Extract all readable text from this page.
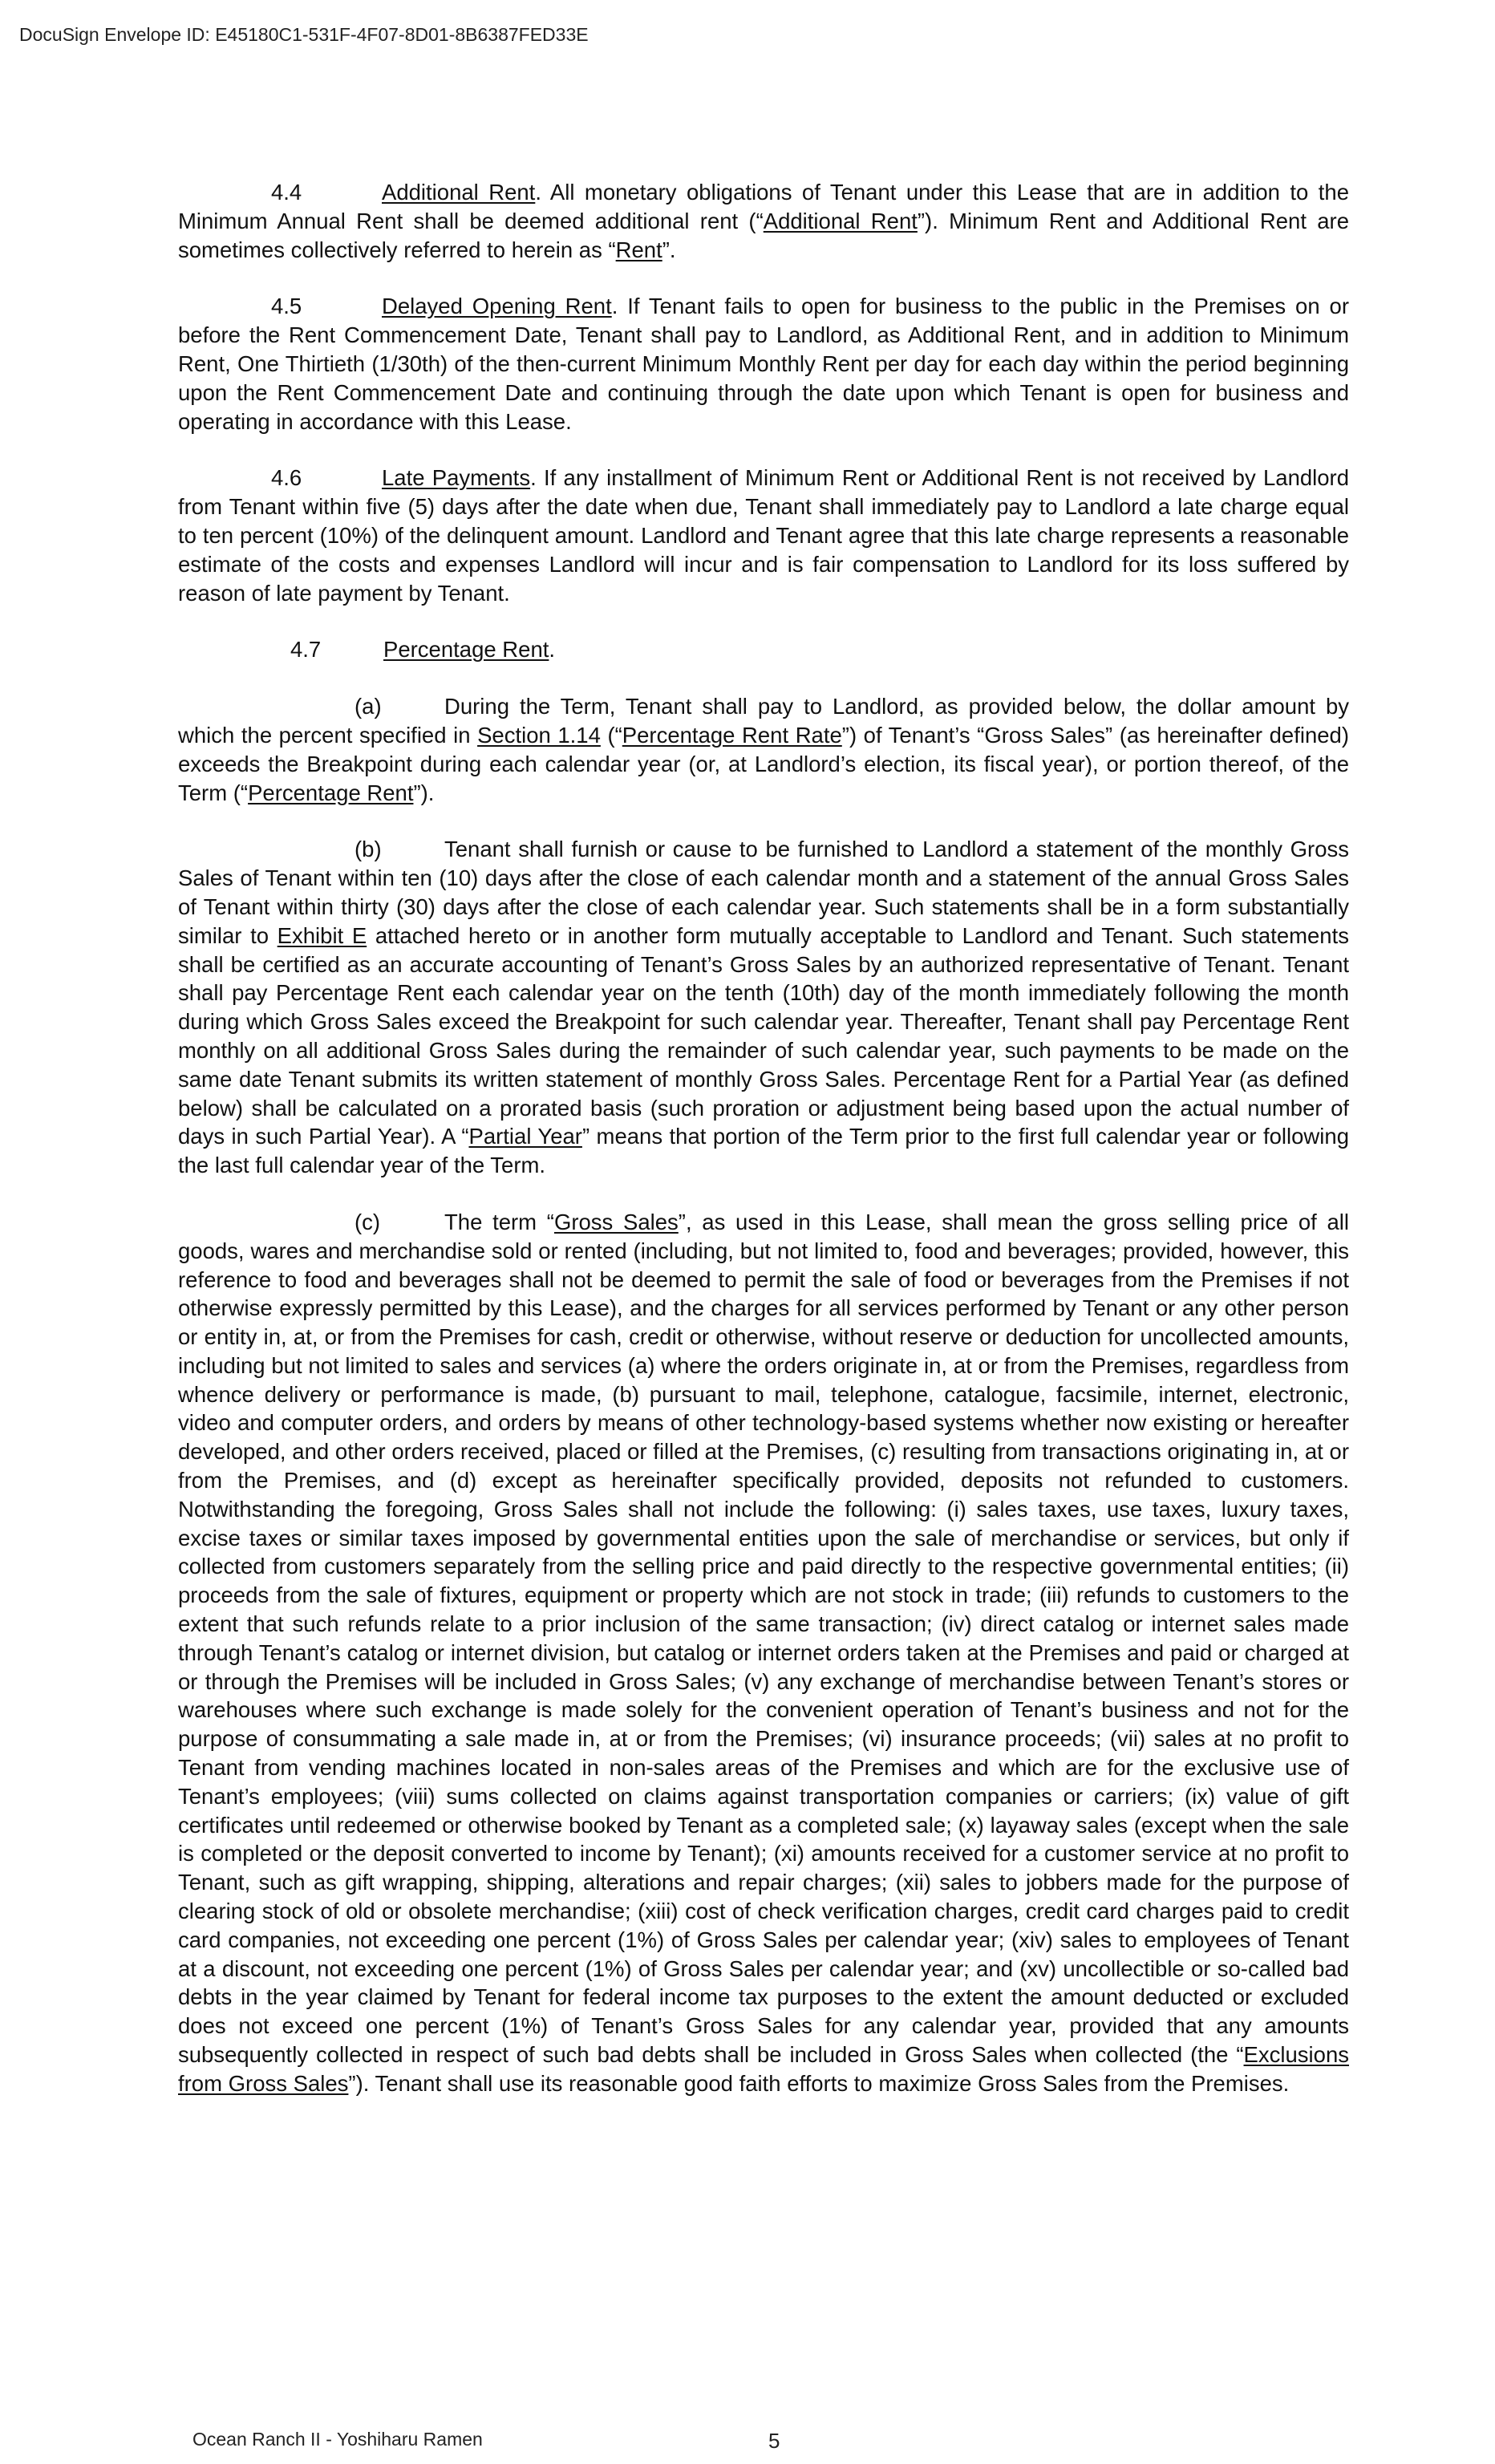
DocuSign Envelope ID: E45180C1-531F-4F07-8D01-8B6387FED33E

4.4	Additional Rent. All monetary obligations of Tenant under this Lease that are in addition to the Minimum Annual Rent shall be deemed additional rent (“Additional Rent”). Minimum Rent and Additional Rent are sometimes collectively referred to herein as “Rent”.

4.5	Delayed Opening Rent. If Tenant fails to open for business to the public in the Premises on or before the Rent Commencement Date, Tenant shall pay to Landlord, as Additional Rent, and in addition to Minimum Rent, One Thirtieth (1/30th) of the then-current Minimum Monthly Rent per day for each day within the period beginning upon the Rent Commencement Date and continuing through the date upon which Tenant is open for business and operating in accordance with this Lease.

4.6	Late Payments. If any installment of Minimum Rent or Additional Rent is not received by Landlord from Tenant within five (5) days after the date when due, Tenant shall immediately pay to Landlord a late charge equal to ten percent (10%) of the delinquent amount. Landlord and Tenant agree that this late charge represents a reasonable estimate of the costs and expenses Landlord will incur and is fair compensation to Landlord for its loss suffered by reason of late payment by Tenant.

4.7	Percentage Rent.

(a)	During the Term, Tenant shall pay to Landlord, as provided below, the dollar amount by which the percent specified in Section 1.14 (“Percentage Rent Rate”) of Tenant’s “Gross Sales” (as hereinafter defined) exceeds the Breakpoint during each calendar year (or, at Landlord’s election, its fiscal year), or portion thereof, of the Term (“Percentage Rent”).

(b)	Tenant shall furnish or cause to be furnished to Landlord a statement of the monthly Gross Sales of Tenant within ten (10) days after the close of each calendar month and a statement of the annual Gross Sales of Tenant within thirty (30) days after the close of each calendar year. Such statements shall be in a form substantially similar to Exhibit E attached hereto or in another form mutually acceptable to Landlord and Tenant. Such statements shall be certified as an accurate accounting of Tenant’s Gross Sales by an authorized representative of Tenant. Tenant shall pay Percentage Rent each calendar year on the tenth (10th) day of the month immediately following the month during which Gross Sales exceed the Breakpoint for such calendar year. Thereafter, Tenant shall pay Percentage Rent monthly on all additional Gross Sales during the remainder of such calendar year, such payments to be made on the same date Tenant submits its written statement of monthly Gross Sales. Percentage Rent for a Partial Year (as defined below) shall be calculated on a prorated basis (such proration or adjustment being based upon the actual number of days in such Partial Year). A “Partial Year” means that portion of the Term prior to the first full calendar year or following the last full calendar year of the Term.

(c)	The term “Gross Sales”, as used in this Lease, shall mean the gross selling price of all goods, wares and merchandise sold or rented (including, but not limited to, food and beverages; provided, however, this reference to food and beverages shall not be deemed to permit the sale of food or beverages from the Premises if not otherwise expressly permitted by this Lease), and the charges for all services performed by Tenant or any other person or entity in, at, or from the Premises for cash, credit or otherwise, without reserve or deduction for uncollected amounts, including but not limited to sales and services (a) where the orders originate in, at or from the Premises, regardless from whence delivery or performance is made, (b) pursuant to mail, telephone, catalogue, facsimile, internet, electronic, video and computer orders, and orders by means of other technology-based systems whether now existing or hereafter developed, and other orders received, placed or filled at the Premises, (c) resulting from transactions originating in, at or from the Premises, and (d) except as hereinafter specifically provided, deposits not refunded to customers. Notwithstanding the foregoing, Gross Sales shall not include the following: (i) sales taxes, use taxes, luxury taxes, excise taxes or similar taxes imposed by governmental entities upon the sale of merchandise or services, but only if collected from customers separately from the selling price and paid directly to the respective governmental entities; (ii) proceeds from the sale of fixtures, equipment or property which are not stock in trade; (iii) refunds to customers to the extent that such refunds relate to a prior inclusion of the same transaction; (iv) direct catalog or internet sales made through Tenant’s catalog or internet division, but catalog or internet orders taken at the Premises and paid or charged at or through the Premises will be included in Gross Sales; (v) any exchange of merchandise between Tenant’s stores or warehouses where such exchange is made solely for the convenient operation of Tenant’s business and not for the purpose of consummating a sale made in, at or from the Premises; (vi) insurance proceeds; (vii) sales at no profit to Tenant from vending machines located in non-sales areas of the Premises and which are for the exclusive use of Tenant’s employees; (viii) sums collected on claims against transportation companies or carriers; (ix) value of gift certificates until redeemed or otherwise booked by Tenant as a completed sale; (x) layaway sales (except when the sale is completed or the deposit converted to income by Tenant); (xi) amounts received for a customer service at no profit to Tenant, such as gift wrapping, shipping, alterations and repair charges; (xii) sales to jobbers made for the purpose of clearing stock of old or obsolete merchandise; (xiii) cost of check verification charges, credit card charges paid to credit card companies, not exceeding one percent (1%) of Gross Sales per calendar year; (xiv) sales to employees of Tenant at a discount, not exceeding one percent (1%) of Gross Sales per calendar year; and (xv) uncollectible or so-called bad debts in the year claimed by Tenant for federal income tax purposes to the extent the amount deducted or excluded does not exceed one percent (1%) of Tenant’s Gross Sales for any calendar year, provided that any amounts subsequently collected in respect of such bad debts shall be included in Gross Sales when collected (the “Exclusions from Gross Sales”). Tenant shall use its reasonable good faith efforts to maximize Gross Sales from the Premises.

Ocean Ranch II - Yoshiharu Ramen	5
